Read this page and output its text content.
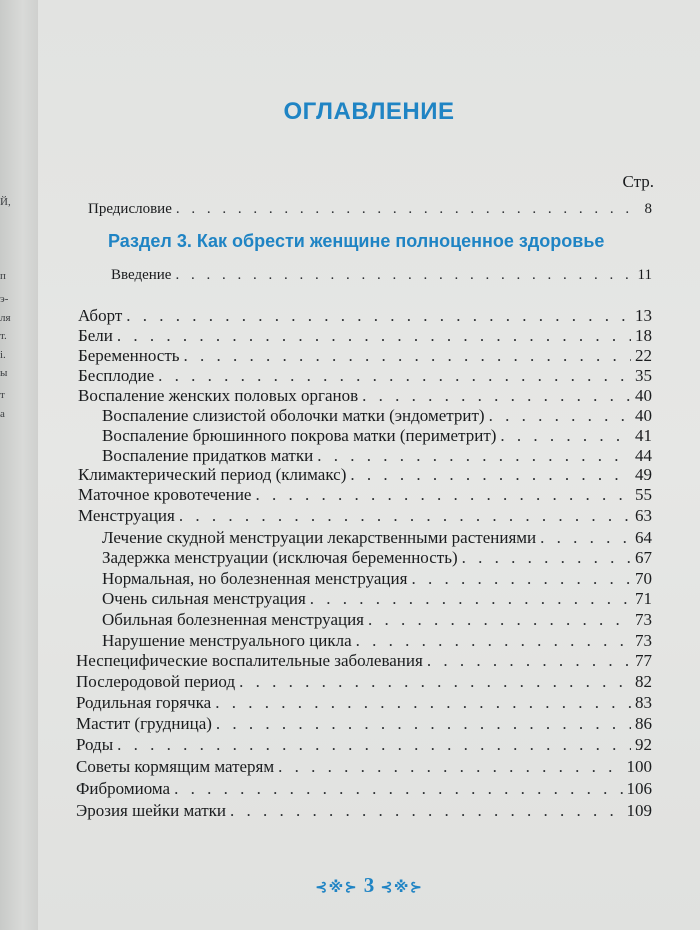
Й,
п
э-
ля
т.
і.
ы
т
а
ОГЛАВЛЕНИЕ
Стр.
Раздел 3. Как обрести женщине полноценное здоровье
Предисловие . . .	8
Введение . . .	11
Аборт . . .	13
Бели . . .	18
Беременность . . .	22
Бесплодие . . .	35
Воспаление женских половых органов . . .	40
Воспаление слизистой оболочки матки (эндометрит) . . .	40
Воспаление брюшинного покрова матки (периметрит) . . .	41
Воспаление придатков матки . . .	44
Климактерический период (климакс) . . .	49
Маточное кровотечение . . .	55
Менструация . . .	63
Лечение скудной менструации лекарственными растениями . . .	64
Задержка менструации (исключая беременность) . . .	67
Нормальная, но болезненная менструация . . .	70
Очень сильная менструация . . .	71
Обильная болезненная менструация . . .	73
Нарушение менструального цикла . . .	73
Неспецифические воспалительные заболевания . . .	77
Послеродовой период . . .	82
Родильная горячка . . .	83
Мастит (грудница) . . .	86
Роды . . .	92
Советы кормящим матерям . . .	100
Фибромиома . . .	106
Эрозия шейки матки . . .	109
⊰※⊱ 3 ⊰※⊱
